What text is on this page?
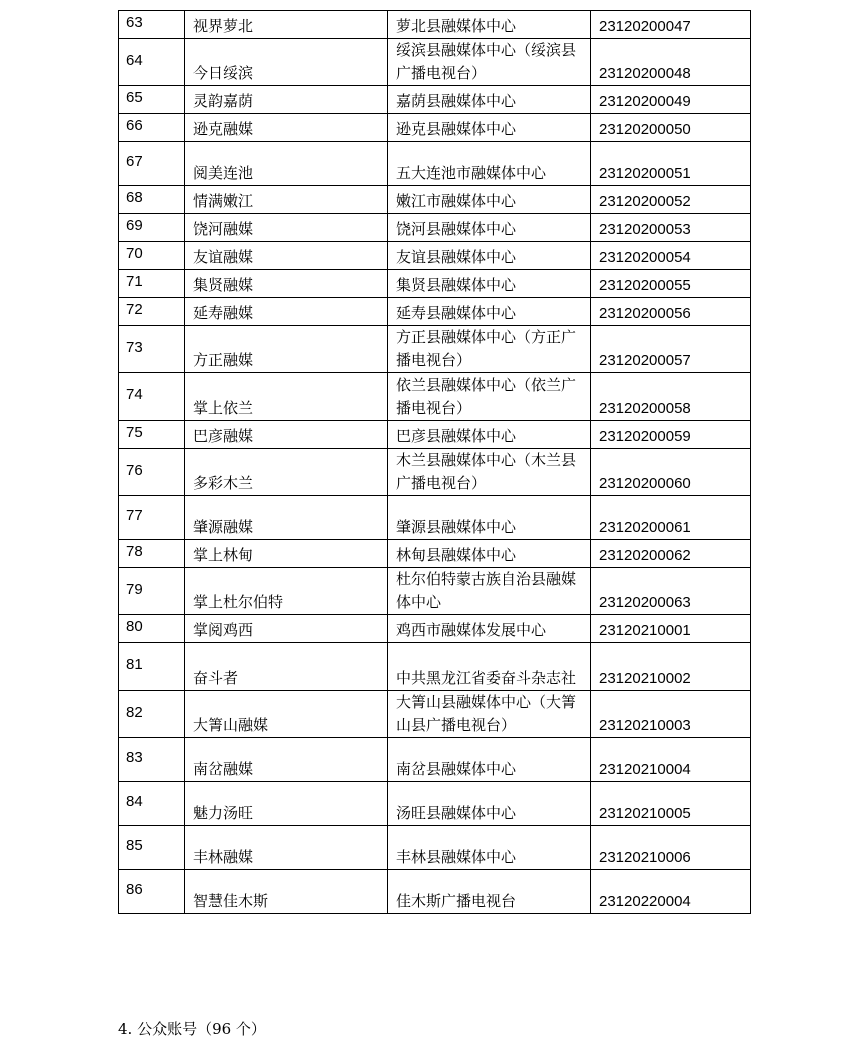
63	视界萝北	萝北县融媒体中心	23120200047
64	今日绥滨	绥滨县融媒体中心（绥滨县广播电视台）	23120200048
65	灵韵嘉荫	嘉荫县融媒体中心	23120200049
66	逊克融媒	逊克县融媒体中心	23120200050
67	阅美连池	五大连池市融媒体中心	23120200051
68	情满嫩江	嫩江市融媒体中心	23120200052
69	饶河融媒	饶河县融媒体中心	23120200053
70	友谊融媒	友谊县融媒体中心	23120200054
71	集贤融媒	集贤县融媒体中心	23120200055
72	延寿融媒	延寿县融媒体中心	23120200056
73	方正融媒	方正县融媒体中心（方正广播电视台）	23120200057
74	掌上依兰	依兰县融媒体中心（依兰广播电视台）	23120200058
75	巴彦融媒	巴彦县融媒体中心	23120200059
76	多彩木兰	木兰县融媒体中心（木兰县广播电视台）	23120200060
77	肇源融媒	肇源县融媒体中心	23120200061
78	掌上林甸	林甸县融媒体中心	23120200062
79	掌上杜尔伯特	杜尔伯特蒙古族自治县融媒体中心	23120200063
80	掌阅鸡西	鸡西市融媒体发展中心	23120210001
81	奋斗者	中共黑龙江省委奋斗杂志社	23120210002
82	大箐山融媒	大箐山县融媒体中心（大箐山县广播电视台）	23120210003
83	南岔融媒	南岔县融媒体中心	23120210004
84	魅力汤旺	汤旺县融媒体中心	23120210005
85	丰林融媒	丰林县融媒体中心	23120210006
86	智慧佳木斯	佳木斯广播电视台	23120220004
4. 公众账号（96 个）
